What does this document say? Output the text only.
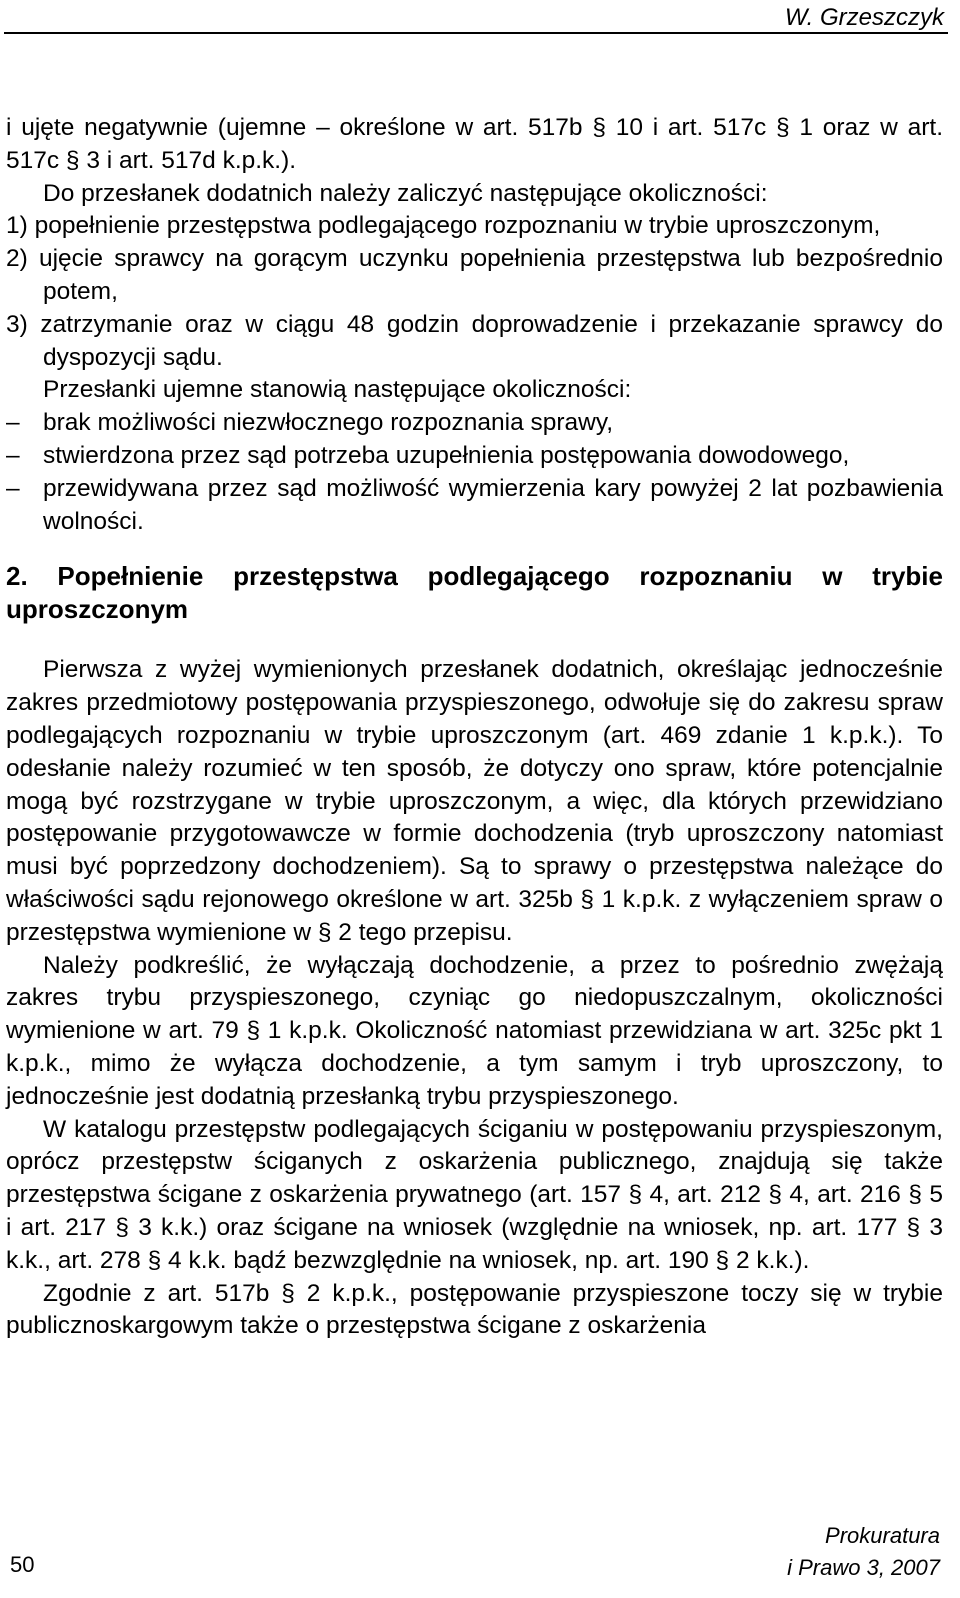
W. Grzeszczyk

i ujęte negatywnie (ujemne – określone w art. 517b § 10 i art. 517c § 1 oraz w art. 517c § 3 i art. 517d k.p.k.).

Do przesłanek dodatnich należy zaliczyć następujące okoliczności:

1) popełnienie przestępstwa podlegającego rozpoznaniu w trybie uproszczonym,

2) ujęcie sprawcy na gorącym uczynku popełnienia przestępstwa lub bezpośrednio potem,

3) zatrzymanie oraz w ciągu 48 godzin doprowadzenie i przekazanie sprawcy do dyspozycji sądu.

Przesłanki ujemne stanowią następujące okoliczności:

– brak możliwości niezwłocznego rozpoznania sprawy,
– stwierdzona przez sąd potrzeba uzupełnienia postępowania dowodowego,
– przewidywana przez sąd możliwość wymierzenia kary powyżej 2 lat pozbawienia wolności.

2. Popełnienie przestępstwa podlegającego rozpoznaniu w trybie uproszczonym

Pierwsza z wyżej wymienionych przesłanek dodatnich, określając jednocześnie zakres przedmiotowy postępowania przyspieszonego, odwołuje się do zakresu spraw podlegających rozpoznaniu w trybie uproszczonym (art. 469 zdanie 1 k.p.k.). To odesłanie należy rozumieć w ten sposób, że dotyczy ono spraw, które potencjalnie mogą być rozstrzygane w trybie uproszczonym, a więc, dla których przewidziano postępowanie przygotowawcze w formie dochodzenia (tryb uproszczony natomiast musi być poprzedzony dochodzeniem). Są to sprawy o przestępstwa należące do właściwości sądu rejonowego określone w art. 325b § 1 k.p.k. z wyłączeniem spraw o przestępstwa wymienione w § 2 tego przepisu.

Należy podkreślić, że wyłączają dochodzenie, a przez to pośrednio zwężają zakres trybu przyspieszonego, czyniąc go niedopuszczalnym, okoliczności wymienione w art. 79 § 1 k.p.k. Okoliczność natomiast przewidziana w art. 325c pkt 1 k.p.k., mimo że wyłącza dochodzenie, a tym samym i tryb uproszczony, to jednocześnie jest dodatnią przesłanką trybu przyspieszonego.

W katalogu przestępstw podlegających ściganiu w postępowaniu przyspieszonym, oprócz przestępstw ściganych z oskarżenia publicznego, znajdują się także przestępstwa ścigane z oskarżenia prywatnego (art. 157 § 4, art. 212 § 4, art. 216 § 5 i art. 217 § 3 k.k.) oraz ścigane na wniosek (względnie na wniosek, np. art. 177 § 3 k.k., art. 278 § 4 k.k. bądź bezwzględnie na wniosek, np. art. 190 § 2 k.k.).

Zgodnie z art. 517b § 2 k.p.k., postępowanie przyspieszone toczy się w trybie publicznoskargowym także o przestępstwa ścigane z oskarżenia

50
Prokuratura
i Prawo 3, 2007
